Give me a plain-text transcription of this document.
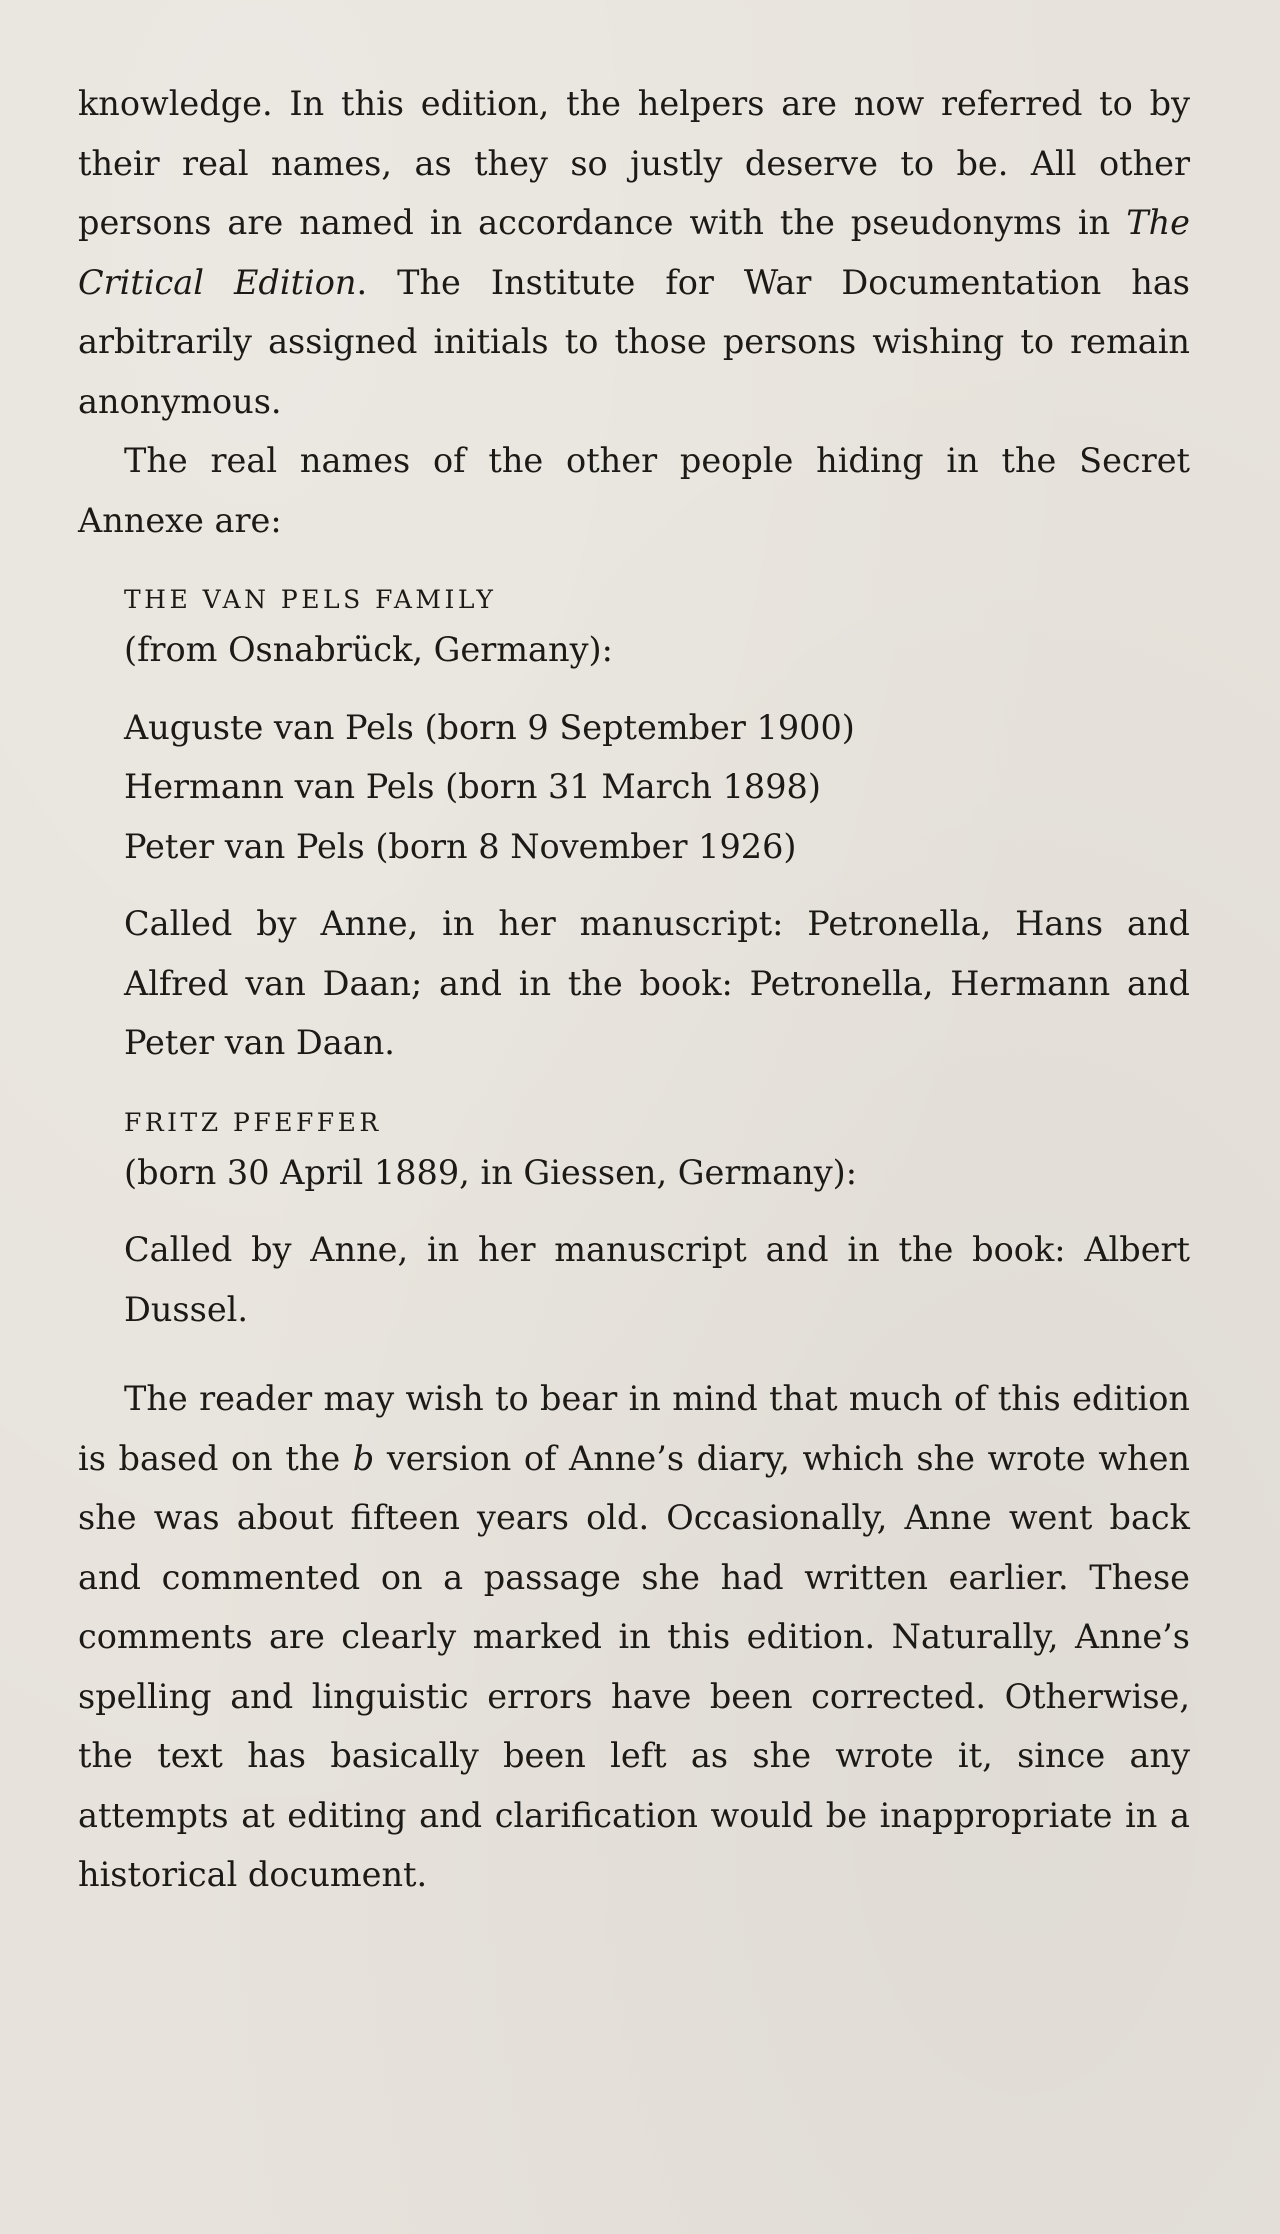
knowledge. In this edition, the helpers are now referred to by their real names, as they so justly deserve to be. All other persons are named in accordance with the pseudonyms in The Critical Edition. The Institute for War Documentation has arbitrarily assigned initials to those persons wishing to remain anonymous.

The real names of the other people hiding in the Secret Annexe are:

THE VAN PELS FAMILY
(from Osnabrück, Germany):
Auguste van Pels (born 9 September 1900)
Hermann van Pels (born 31 March 1898)
Peter van Pels (born 8 November 1926)

Called by Anne, in her manuscript: Petronella, Hans and Alfred van Daan; and in the book: Petronella, Hermann and Peter van Daan.

FRITZ PFEFFER
(born 30 April 1889, in Giessen, Germany):

Called by Anne, in her manuscript and in the book: Albert Dussel.

The reader may wish to bear in mind that much of this edition is based on the b version of Anne’s diary, which she wrote when she was about fifteen years old. Occasionally, Anne went back and commented on a passage she had written earlier. These comments are clearly marked in this edition. Naturally, Anne’s spelling and linguistic errors have been corrected. Otherwise, the text has basically been left as she wrote it, since any attempts at editing and clarification would be inappropriate in a historical document.
